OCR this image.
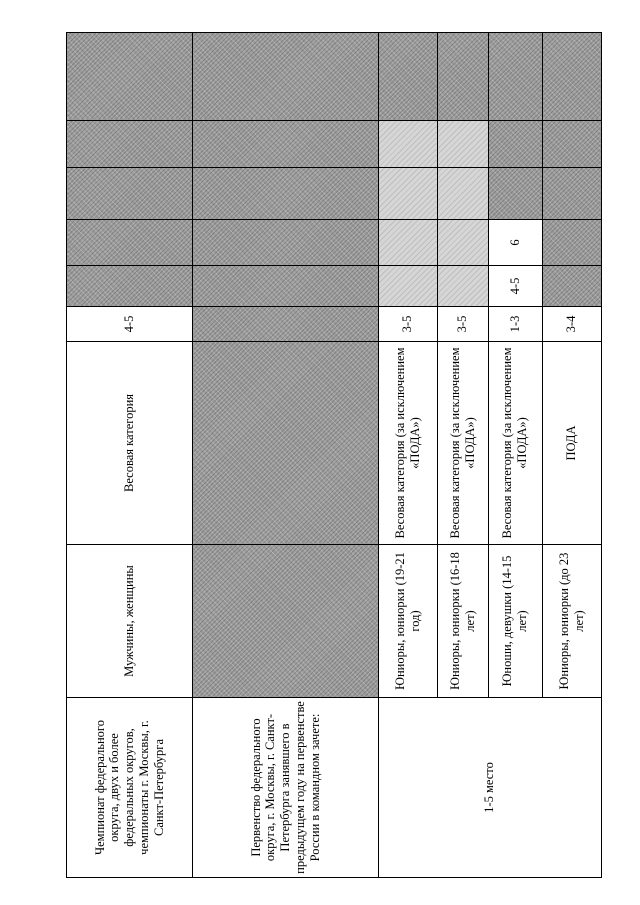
Чемпионат федерального округа, двух и более федеральных округов, чемпионаты г. Москвы, г. Санкт-Петербурга	Мужчины, женщины	Весовая категория	4-5					
Первенство федерального округа, г. Москвы, г. Санкт-Петербурга занявшего в предыдущем году на первенстве России в командном зачете:								
1-5 место	Юниоры, юниорки (19-21 год)	Весовая категория (за исключением «ПОДА»)	3-5					
	Юниоры, юниорки (16-18 лет)	Весовая категория (за исключением «ПОДА»)	3-5					
	Юноши, девушки (14-15 лет)	Весовая категория (за исключением «ПОДА»)	1-3	4-5	6			
	Юниоры, юниорки (до 23 лет)	ПОДА	3-4					
